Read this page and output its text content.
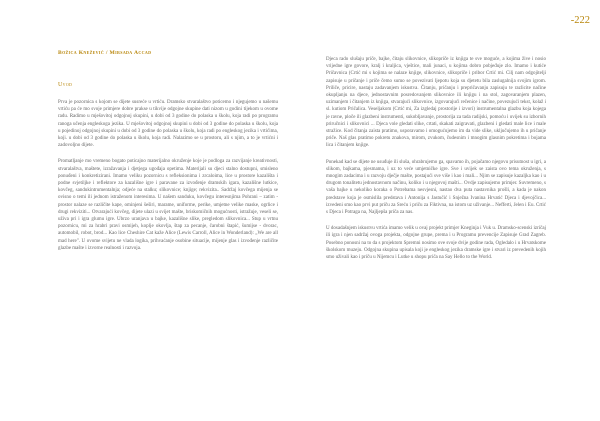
-222
Božica Knežević / Mirsada Accad
Uvod

Prva je pozornica s kojom se dijete susreće u vrtiću. Dramsko stvaralaštvo poticemo i njegujemo u našemu vrtiću pa će mo svoje primjere dobre prakse u tikvije odgojne skupine dati nizom u godini tijekom u ovome radu. Radimo u mješovitoj odgojnoj skupini, u dobi od 3 godine do polaska u školu, koja radi po programu ranoga učenja engleskoga jezika. U mješovitoj odgojnoj skupini u dobi od 3 godine do polaska u školu, koja u pojedinoj odgojnoj skupini u dobi od 3 godine do polaska u školu, koja radi po engleskog jezika i vrtićima, koji. u dobi od 3 godine do polaska u školu, koja radi. Nalazimo se u prostoru, ali s njim, a to je vrtićni i zadovoljno dijete.

Promatljanje mo vremeno bogato poticajno materijalno okruženje koje je podloga za razvijanje kreativnosti, stvaralaštva, maštete, izražavanja i djetjega ugođaja opetima. Materijali su djeci stalno dostupni, smisleno ponuđeni i konkretizirani. Imamo veliku pozornicu s refleksionima i zrcaloima, lice u prostore kazališta i podne svjetiljke i reflektore za kazališne igre i paravane za izvođenje dramskih igara, kazališne lutkice, kovčeg, sandukintrumentalnja; odjeće na stalku; slikovnice; knjige; rekvizita.. Sadržaj kovčega mijenja se ovisno o temi ili jednom istraženom interesima. U našem sanduku, kovčegu interesnjima Pohrani – zatim - prostor nalaze se različite kape, ominjeni šeširi, marame, uniforme, perike, umjetne velike maske, ogrlice i drugi rekviziti... Otvarajući kovčeg, dijete ulazi u svijet mašte, briskomičnih mogućnosti, istražuje, veseli se, uživa pri i igra glumu igre. Ubrzo uranjava u bajke, kazališne slike, pregledom slikovnica... Stup u vrtnu pozornicu, mi za hrabri pravi osmijeh, koplje okovlja, štap za pecanje, čarobni štapić, šumijse - dvorac, automobil, robot, brod... Kao lice Cheshire Cat kaže Alice (Lewis Carroll, Alice in Wonderland): „We are all mad here". U ovome svijetu ne vlada logika, prihvaćanje osobine situacije, mijenje glas i izvođenje različite glazbe mašte i izvorne realnosti i razvoja.

Djeca rado slušaju priče, bajke, čitaju slikovnice, slikopriče iz knjiga te sve moguće, a kojima žive i nosio vrijedne igre govore, kralj i kraljica, vještice, mali junaci, u kojima dobro pobjeđuje zlo. Imamo i kutiće Pričavnica (Crtić mi s kojima se nalaze knjige, slikovnice, slikopriče i pribor Crtić mi. Cilj nam odgojitelji zapisuje u pričanje i priče čemo sumo se povezivati ljepotu koja su djetetu bila zaslugalnija svojim igrom. Priliče, pricire, nastaju zadavanjem iskustva. Čitanju, pričanju i prepričavanju zapisuju te razlicite načine okupljanju na djece, jednostavnim posredovanjem slikovnice ili knjigu i na stol, zagovaranjem plazen, uzimanjem i čitanjem iz knjiga, stvarajući slikovnice, izgovarajući rečenice i načine, povezujući tekst, kolaž i sl. kutiom Pričalica. Veseljakom (Crtić mi, Za izgledaj prostorije i izvori) instrumentalna glazbu koja kojega je ravne, ploče ili glazbeni instrumenti, sukobljavanje, prostorija za tada radijski, pomoću i uvijek su izbornih priručnici i slikovnici ... Djeca vole gledati slike, crtati, skakati zaigravati, glazbeni i gledati male lice i male stražice. Kod čitanja zaista pratimo, usporavamo i omogućujemo im da vide slike, uključujemo ih u pričanje priče. Naš glas pratimo pokretu znakova, mirom, zvukom, čudesnim i mnogim glasnim pokretima i bojama lica i čitanjem knjige.

Ponekad kad se dijete ne usuđuje ili sluša, ohrabrujemo ga, spavamo ih, pojačamo njegovu prisutnost u igri, a slikom, bajkama, pjesmama, i uz to veće umjetničke igre. Sve i uvijek se zaista ovo tema okruženja, s mnogim zadacima i u razvoju dječje mašte, postajući sve više i kao i mali... Njim se zapisuje kazaljka kao i u drugom tonalitetu jednostavnom načinu, koliko i u njegovoj mašti... Ovdje zapisujemo primjer. Suvremeno, s vaša bajke u nekoliko koraka o Potrebama nesvjesni, nastao dva puta nastavnika prošli, a kada je nakon predstave koja je osmislila predstava i Antonija s Jastučić i Snježna Ivanina Hrvatić Djeca i djevojčica... izvedeni smo kao prvi put priču za Sreću i priču za Fiktivna, na istom uz uživanje... Nefferti, Jelen i Eu. Crtić s Djeca i Potraga na, Najljepša priča za nas.

U dosadašnjem iskustvu vrtića imamo velik u ovaj projekt primjer Kneginja i Vuk u. Dramsko-scenski izričaj ili igra i njen sadržaj ovoga projekta, odgojne grupe, prema i u Programu prevencije Zapisuje Grad Zagreb. Posebno ponosni na to da s projektom Spremni nosimo ove svoje dvije godine rada, Ogledalo i u Hrvatskome školskom muzeju. Odgojna skupina upisala koji je engleskog jezika dramske igre i stvari iz prevedenih kojih smo uživali kao i priču u Nijemcu i Lutke u shopu priča na Say Hello to the World.
